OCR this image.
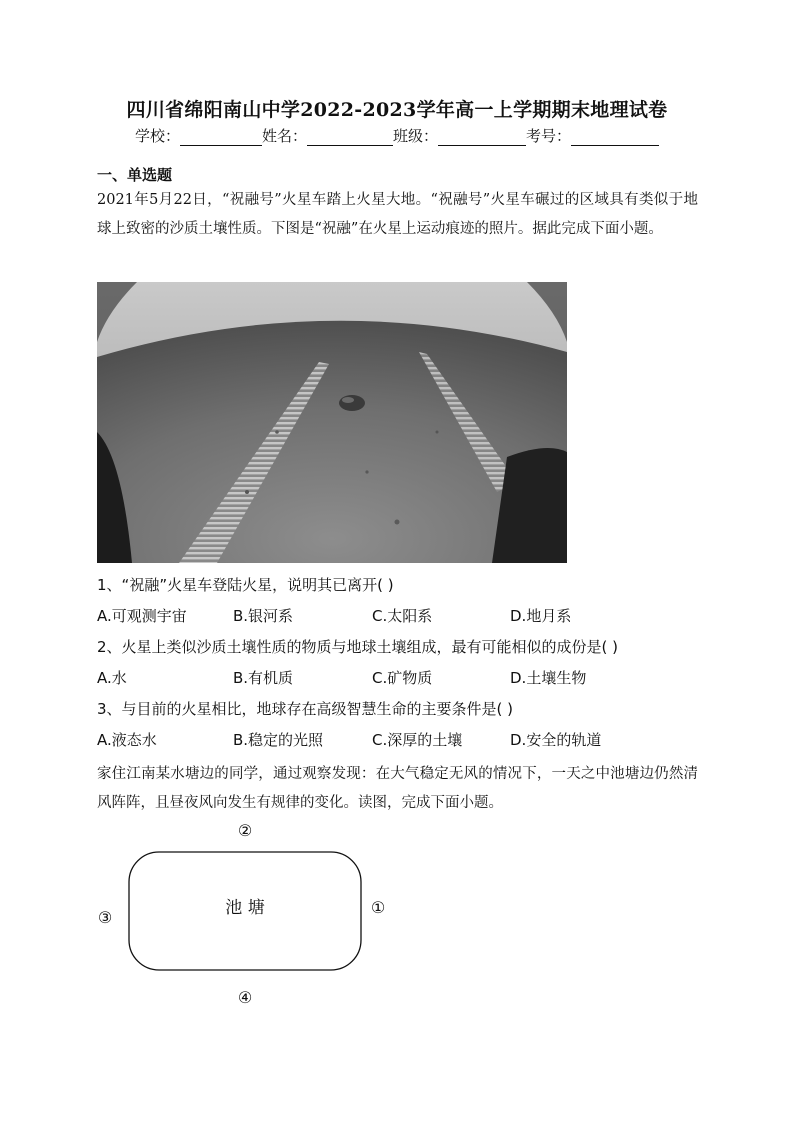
四川省绵阳南山中学2022-2023学年高一上学期期末地理试卷
学校：	姓名：	班级：	考号：
一、单选题
2021年5月22日，“祝融号”火星车踏上火星大地。“祝融号”火星车碾过的区域具有类似于地球上致密的沙质土壤性质。下图是“祝融”在火星上运动痕迹的照片。据此完成下面小题。
1、“祝融”火星车登陆火星，说明其已离开( )
A.可观测宇宙	B.银河系	C.太阳系	D.地月系
2、火星上类似沙质土壤性质的物质与地球土壤组成，最有可能相似的成份是( )
A.水	B.有机质	C.矿物质	D.土壤生物
3、与目前的火星相比，地球存在高级智慧生命的主要条件是( )
A.液态水	B.稳定的光照	C.深厚的土壤	D.安全的轨道
家住江南某水塘边的同学，通过观察发现：在大气稳定无风的情况下，一天之中池塘边仍然清风阵阵，且昼夜风向发生有规律的变化。读图，完成下面小题。
池 塘
②
①
③
④
